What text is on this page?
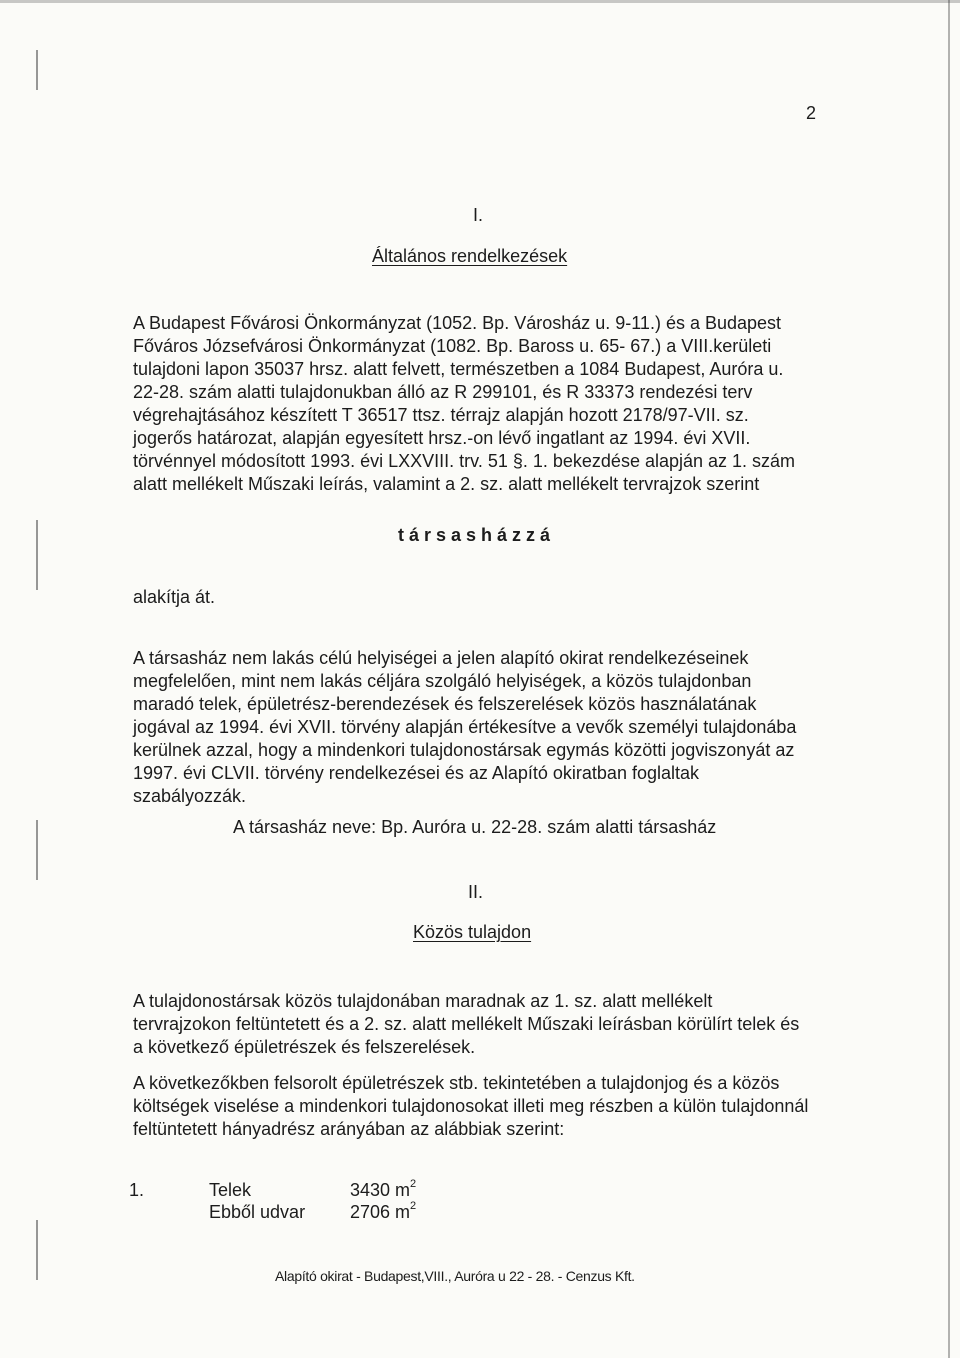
2
I.
Általános rendelkezések
A Budapest Fővárosi Önkormányzat (1052. Bp. Városház u. 9-11.) és a Budapest
Főváros Józsefvárosi Önkormányzat (1082. Bp. Baross u. 65- 67.) a VIII.kerületi
tulajdoni lapon 35037 hrsz. alatt felvett, természetben a 1084 Budapest, Auróra u.
22-28. szám alatti tulajdonukban álló az R 299101, és R 33373 rendezési terv
végrehajtásához készített T 36517 ttsz. térrajz alapján hozott 2178/97-VII. sz.
jogerős határozat, alapján egyesített hrsz.-on lévő ingatlant az 1994. évi XVII.
törvénnyel módosított 1993. évi LXXVIII. trv. 51 §. 1. bekezdése alapján az 1. szám
alatt mellékelt Műszaki leírás, valamint a 2. sz. alatt mellékelt tervrajzok szerint
társasházzá
alakítja át.
A társasház nem lakás célú helyiségei a jelen alapító okirat rendelkezéseinek
megfelelően, mint nem lakás céljára szolgáló helyiségek, a közös tulajdonban
maradó telek, épületrész-berendezések és felszerelések közös használatának
jogával az 1994. évi XVII. törvény alapján értékesítve a vevők személyi tulajdonába
kerülnek azzal, hogy a mindenkori tulajdonostársak egymás közötti jogviszonyát az
1997. évi CLVII. törvény rendelkezései és az Alapító okiratban foglaltak
szabályozzák.
A társasház neve: Bp. Auróra u. 22-28. szám alatti társasház
II.
Közös tulajdon
A tulajdonostársak közös tulajdonában maradnak az 1. sz. alatt mellékelt
tervrajzokon feltüntetett és a 2. sz. alatt mellékelt Műszaki leírásban körülírt telek és
a következő épületrészek és felszerelések.
A következőkben felsorolt épületrészek stb. tekintetében a tulajdonjog és a közös
költségek viselése a mindenkori tulajdonosokat illeti meg részben a külön tulajdonnál
feltüntetett hányadrész arányában az alábbiak szerint:
1.	Telek	3430 $m^2$
Ebből udvar 2706 $m^2$
Alapító okirat - Budapest,VIII., Auróra u 22 - 28. - Cenzus Kft.
